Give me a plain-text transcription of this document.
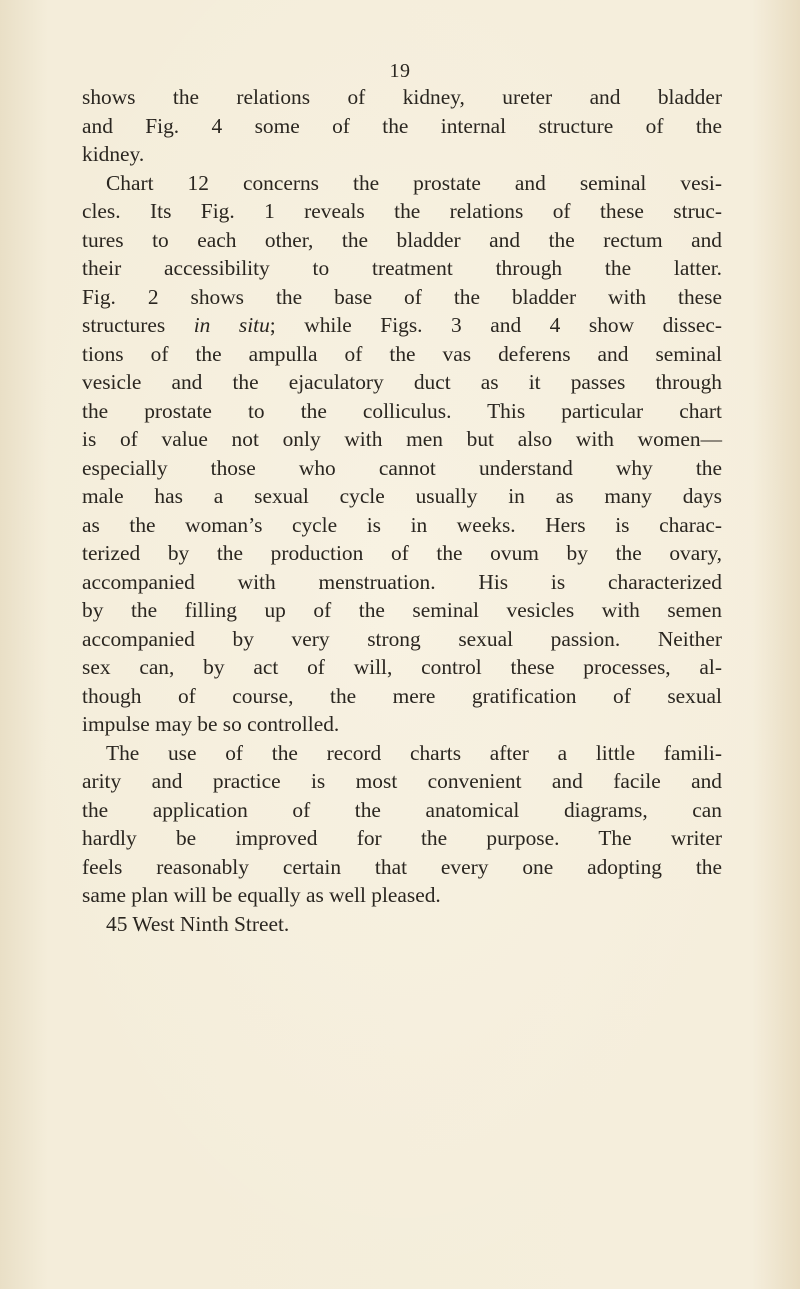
19
shows the relations of kidney, ureter and bladder
and Fig. 4 some of the internal structure of the
kidney.
Chart 12 concerns the prostate and seminal vesi-
cles. Its Fig. 1 reveals the relations of these struc-
tures to each other, the bladder and the rectum and
their accessibility to treatment through the latter.
Fig. 2 shows the base of the bladder with these
structures in situ; while Figs. 3 and 4 show dissec-
tions of the ampulla of the vas deferens and seminal
vesicle and the ejaculatory duct as it passes through
the prostate to the colliculus. This particular chart
is of value not only with men but also with women—
especially those who cannot understand why the
male has a sexual cycle usually in as many days
as the woman’s cycle is in weeks. Hers is charac-
terized by the production of the ovum by the ovary,
accompanied with menstruation. His is characterized
by the filling up of the seminal vesicles with semen
accompanied by very strong sexual passion. Neither
sex can, by act of will, control these processes, al-
though of course, the mere gratification of sexual
impulse may be so controlled.
The use of the record charts after a little famili-
arity and practice is most convenient and facile and
the application of the anatomical diagrams, can
hardly be improved for the purpose. The writer
feels reasonably certain that every one adopting the
same plan will be equally as well pleased.
45 West Ninth Street.
